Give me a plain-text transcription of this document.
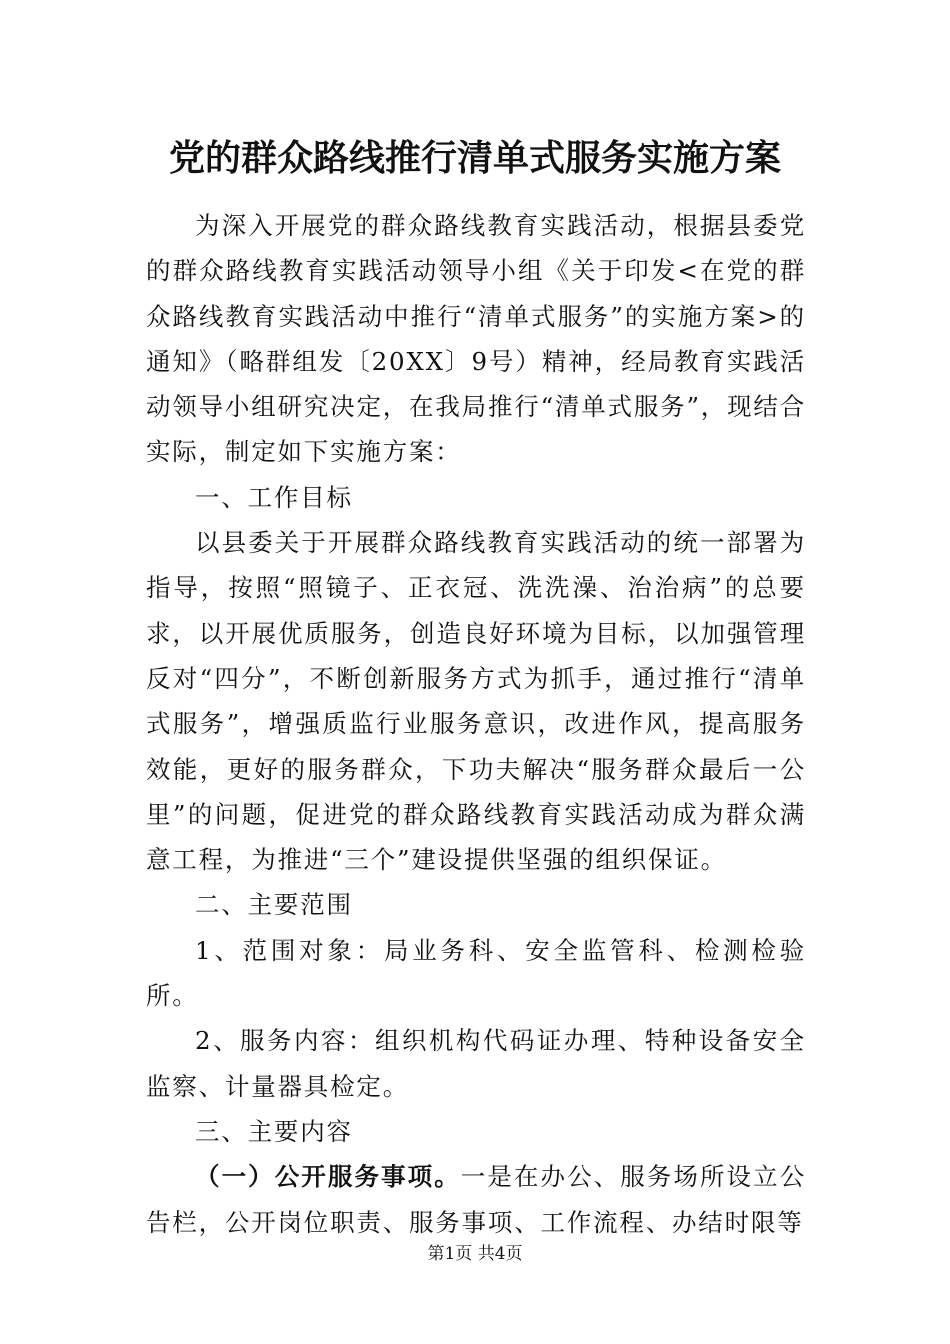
党的群众路线推行清单式服务实施方案

为深入开展党的群众路线教育实践活动，根据县委党的群众路线教育实践活动领导小组《关于印发<在党的群众路线教育实践活动中推行“清单式服务”的实施方案>的通知》（略群组发〔20XX〕9号）精神，经局教育实践活动领导小组研究决定，在我局推行“清单式服务”，现结合实际，制定如下实施方案：

一、工作目标

以县委关于开展群众路线教育实践活动的统一部署为指导，按照“照镜子、正衣冠、洗洗澡、治治病”的总要求，以开展优质服务，创造良好环境为目标，以加强管理反对“四分”，不断创新服务方式为抓手，通过推行“清单式服务”，增强质监行业服务意识，改进作风，提高服务效能，更好的服务群众，下功夫解决“服务群众最后一公里”的问题，促进党的群众路线教育实践活动成为群众满意工程，为推进“三个”建设提供坚强的组织保证。

二、主要范围

1、范围对象：局业务科、安全监管科、检测检验所。

2、服务内容：组织机构代码证办理、特种设备安全监察、计量器具检定。

三、主要内容

（一）公开服务事项。一是在办公、服务场所设立公告栏，公开岗位职责、服务事项、工作流程、办结时限等

第1页 共4页
